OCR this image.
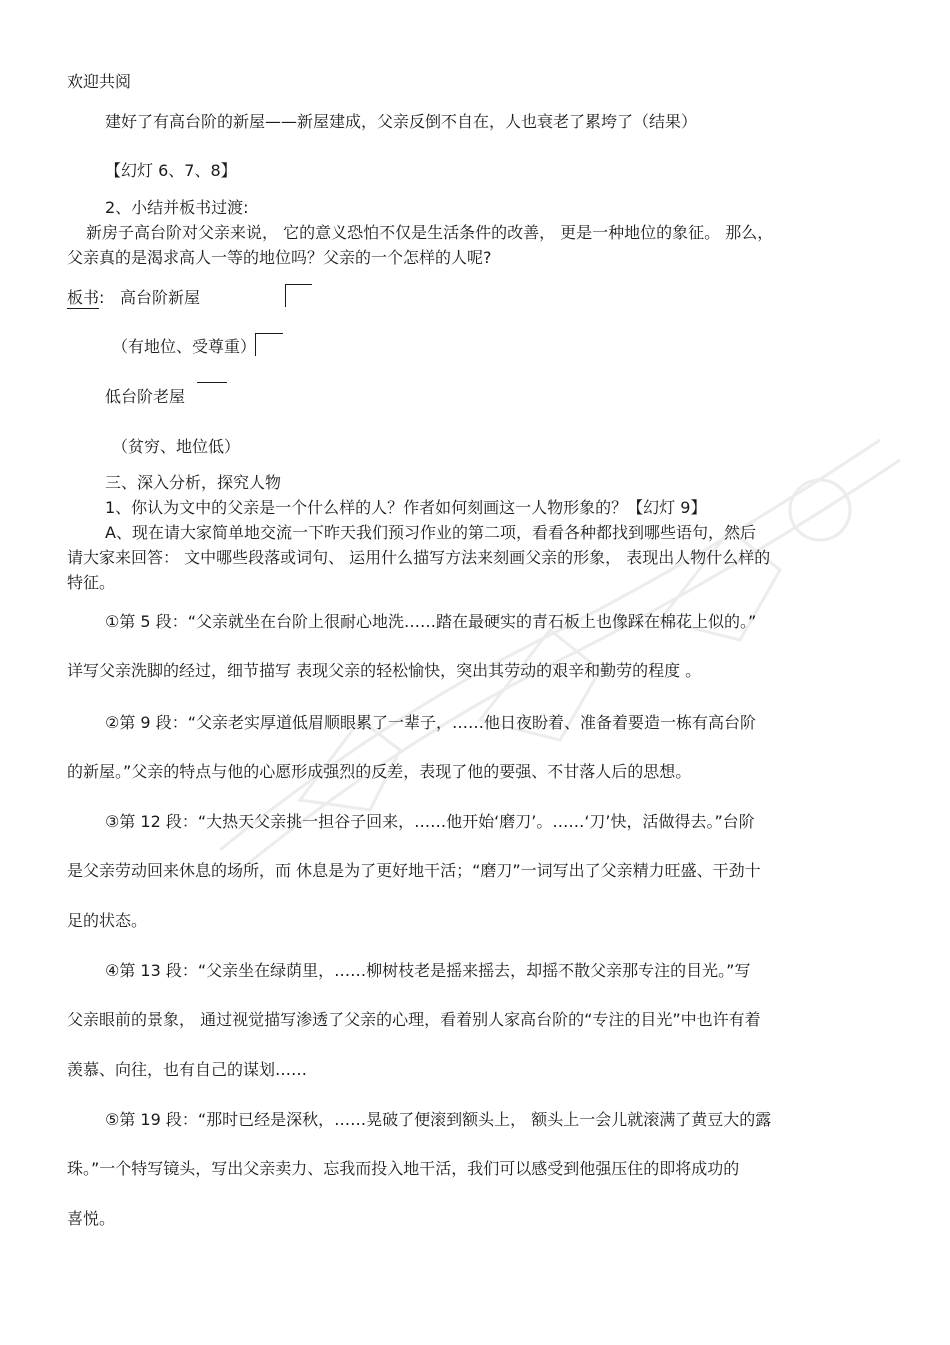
欢迎共阅
建好了有高台阶的新屋——新屋建成，父亲反倒不自在，人也衰老了累垮了（结果）
【幻灯 6、7、8】
2、小结并板书过渡:
新房子高台阶对父亲来说， 它的意义恐怕不仅是生活条件的改善， 更是一种地位的象征。 那么，
父亲真的是渴求高人一等的地位吗？父亲的一个怎样的人呢?
板书: 高台阶新屋
（有地位、受尊重）
低台阶老屋
（贫穷、地位低）
三、深入分析，探究人物
1、你认为文中的父亲是一个什么样的人？作者如何刻画这一人物形象的？【幻灯 9】
A、现在请大家简单地交流一下昨天我们预习作业的第二项，看看各种都找到哪些语句，然后
请大家来回答： 文中哪些段落或词句、 运用什么描写方法来刻画父亲的形象， 表现出人物什么样的
特征。
①第 5 段：“父亲就坐在台阶上很耐心地洗……踏在最硬实的青石板上也像踩在棉花上似的。”
详写父亲洗脚的经过，细节描写 表现父亲的轻松愉快，突出其劳动的艰辛和勤劳的程度 。
②第 9 段：“父亲老实厚道低眉顺眼累了一辈子，……他日夜盼着、准备着要造一栋有高台阶
的新屋。”父亲的特点与他的心愿形成强烈的反差，表现了他的要强、不甘落人后的思想。
③第 12 段：“大热天父亲挑一担谷子回来，……他开始‘磨刀’。……‘刀’快，活做得去。”台阶
是父亲劳动回来休息的场所，而 休息是为了更好地干活；“磨刀”一词写出了父亲精力旺盛、干劲十
足的状态。
④第 13 段：“父亲坐在绿荫里，……柳树枝老是摇来摇去，却摇不散父亲那专注的目光。”写
父亲眼前的景象， 通过视觉描写渗透了父亲的心理，看着别人家高台阶的“专注的目光”中也许有着
羡慕、向往，也有自己的谋划……
⑤第 19 段：“那时已经是深秋，……晃破了便滚到额头上， 额头上一会儿就滚满了黄豆大的露
珠。”一个特写镜头，写出父亲卖力、忘我而投入地干活，我们可以感受到他强压住的即将成功的
喜悦。
